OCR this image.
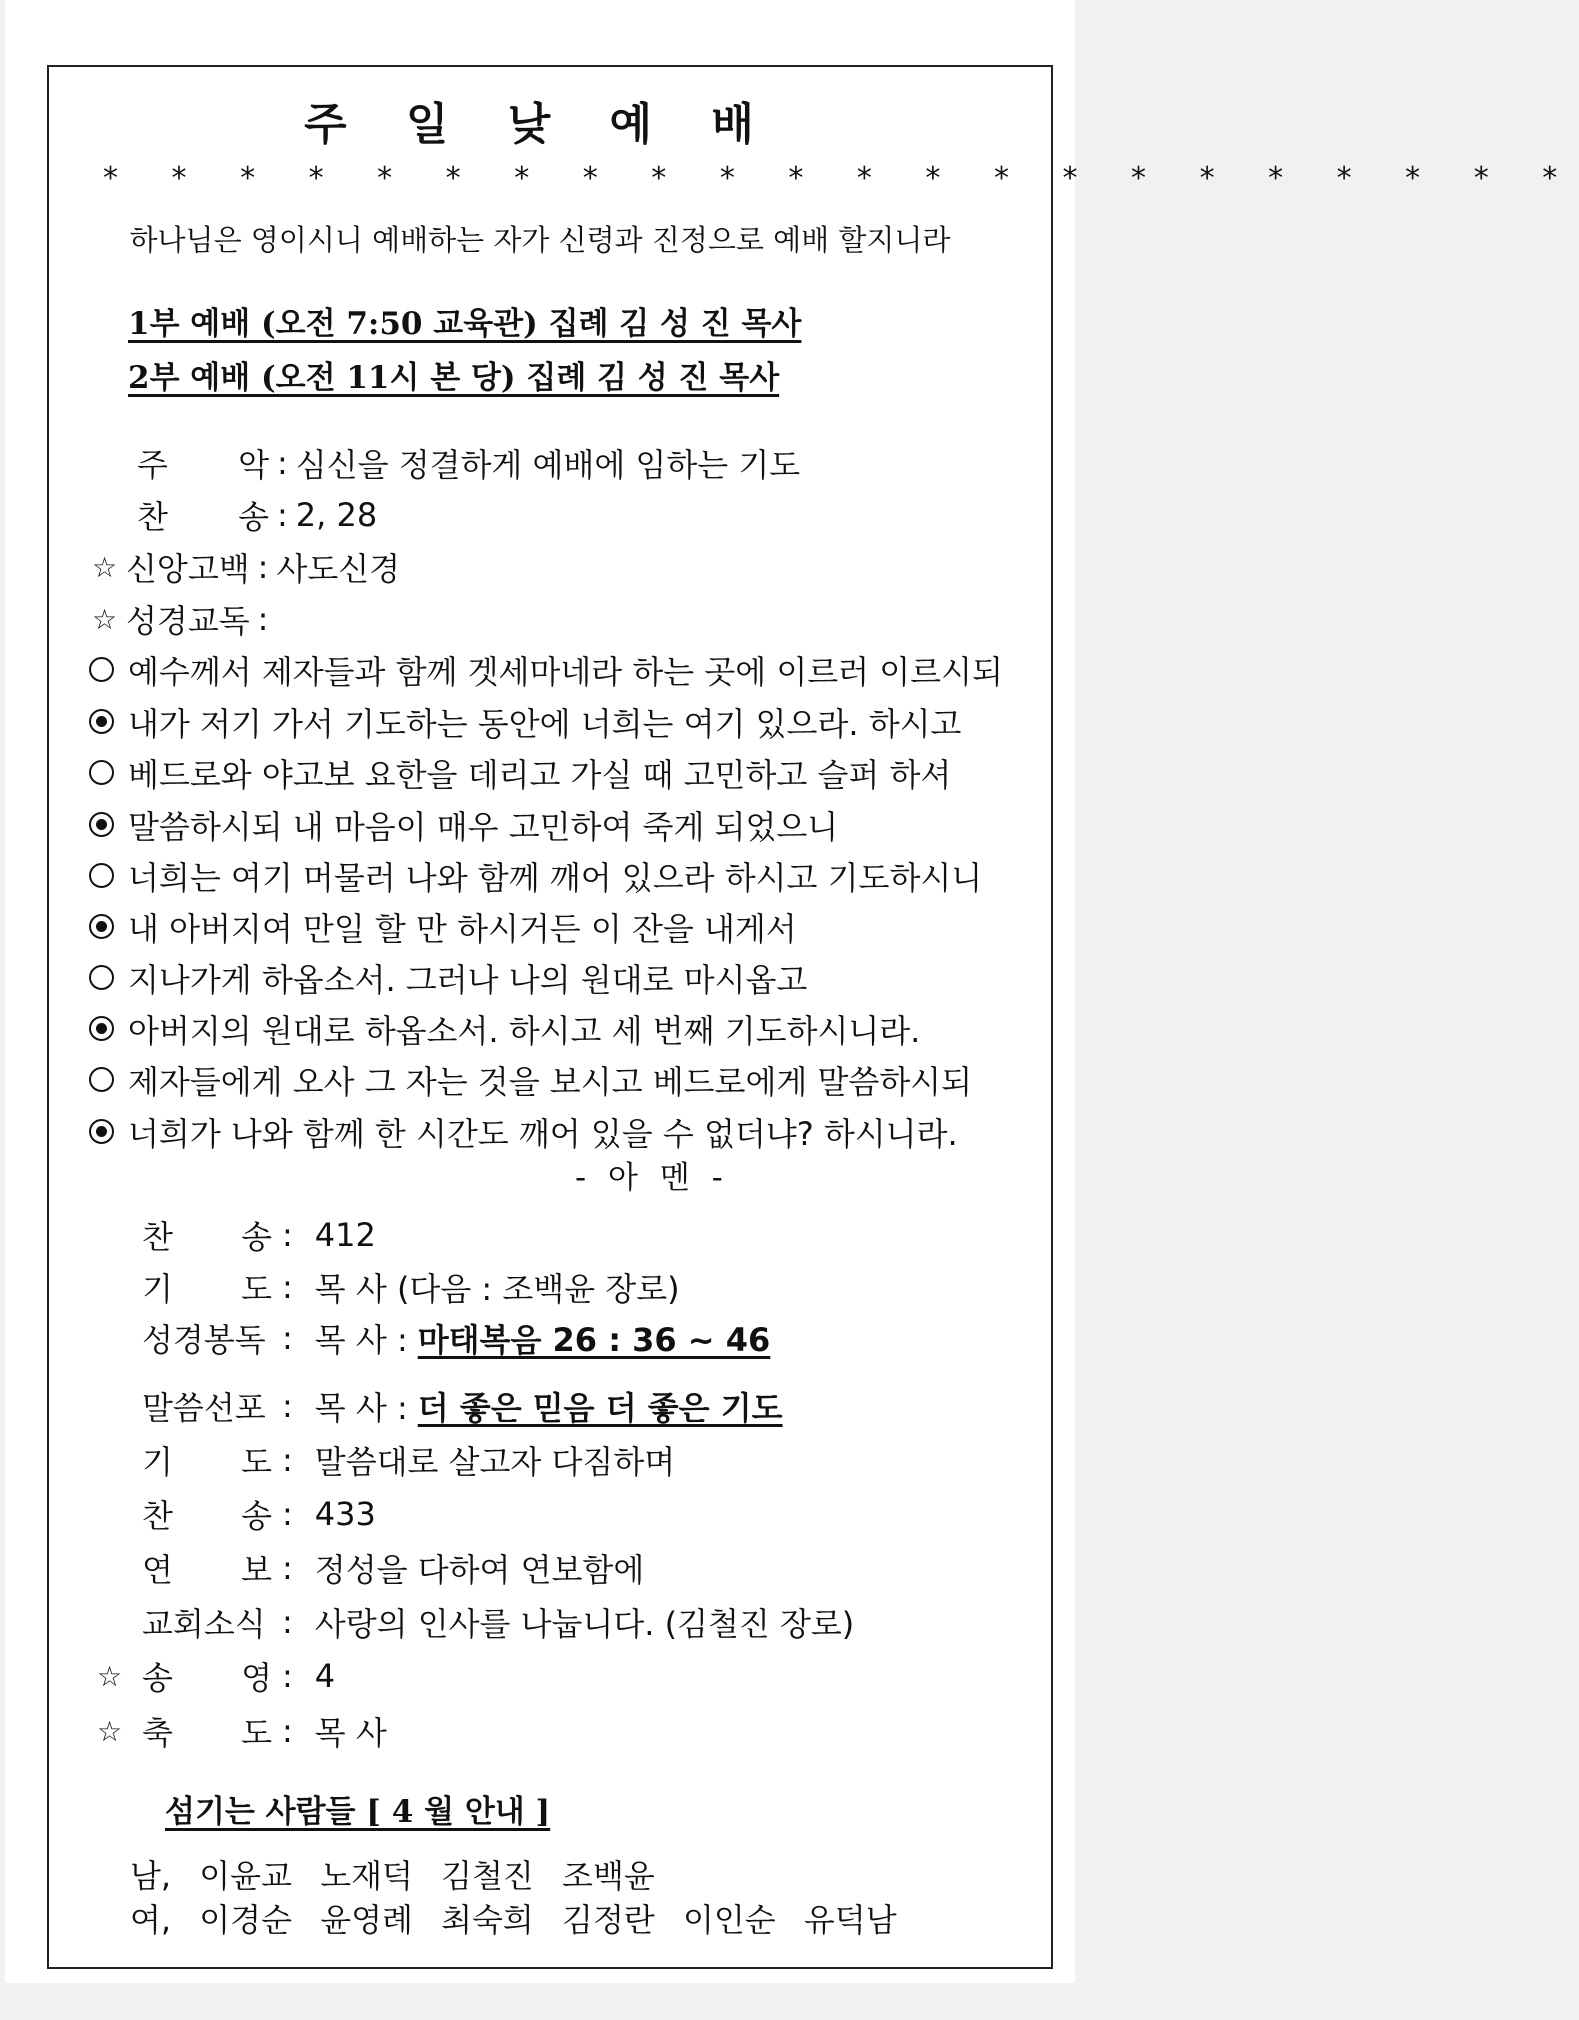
주 일 낮 예 배
* * * * * * * * * * * * * * * * * * * * * *
하나님은 영이시니 예배하는 자가 신령과 진정으로 예배 할지니라
1부 예배 (오전 7:50 교육관) 집례 김 성 진 목사
2부 예배 (오전 11시 본 당) 집례 김 성 진 목사
주 악 : 심신을 정결하게 예배에 임하는 기도
찬 송 : 2, 28
☆ 신앙고백 : 사도신경
☆ 성경교독 :
예수께서 제자들과 함께 겟세마네라 하는 곳에 이르러 이르시되
내가 저기 가서 기도하는 동안에 너희는 여기 있으라. 하시고
베드로와 야고보 요한을 데리고 가실 때 고민하고 슬퍼 하셔
말씀하시되 내 마음이 매우 고민하여 죽게 되었으니
너희는 여기 머물러 나와 함께 깨어 있으라 하시고 기도하시니
내 아버지여 만일 할 만 하시거든 이 잔을 내게서
지나가게 하옵소서. 그러나 나의 원대로 마시옵고
아버지의 원대로 하옵소서. 하시고 세 번째 기도하시니라.
제자들에게 오사 그 자는 것을 보시고 베드로에게 말씀하시되
너희가 나와 함께 한 시간도 깨어 있을 수 없더냐? 하시니라.
- 아 멘 -
찬 송 : 412
기 도 : 목 사 (다음 : 조백윤 장로)
성경봉독 : 목 사 : 마태복음 26 : 36 ~ 46
말씀선포 : 목 사 : 더 좋은 믿음 더 좋은 기도
기 도 : 말씀대로 살고자 다짐하며
찬 송 : 433
연 보 : 정성을 다하여 연보함에
교회소식 : 사랑의 인사를 나눕니다. (김철진 장로)
☆ 송 영 : 4
☆ 축 도 : 목 사
섬기는 사람들 [ 4 월 안내 ]
남, 이윤교 노재덕 김철진 조백윤
여, 이경순 윤영례 최숙희 김정란 이인순 유덕남
